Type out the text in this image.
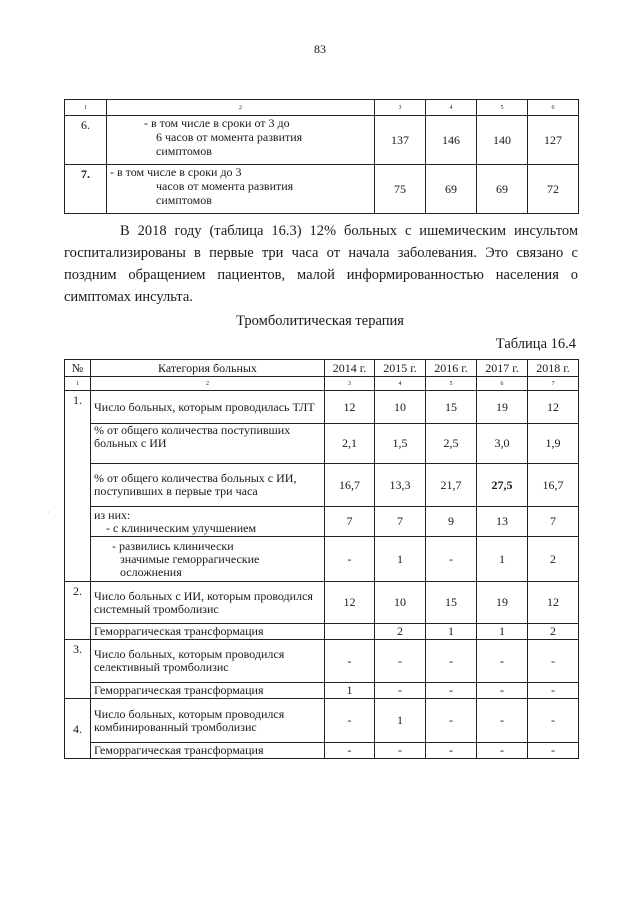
83
1	2	3	4	5	6
6.	- в том числе в сроки от 3 до
6 часов от момента развития
симптомов	137	146	140	127
7.	- в том числе в сроки до 3
часов от момента развития
симптомов	75	69	69	72
В 2018 году (таблица 16.3) 12% больных с ишемическим инсультом госпитализированы в первые три часа от начала заболевания. Это связано с поздним обращением пациентов, малой информированностью населения о симптомах инсульта.
Тромболитическая терапия
Таблица 16.4
№	Категория больных	2014 г.	2015 г.	2016 г.	2017 г.	2018 г.
1	2	3	4	5	6	7
1.	Число больных, которым проводилась ТЛТ	12	10	15	19	12
	% от общего количества поступивших больных с ИИ	2,1	1,5	2,5	3,0	1,9
	% от общего количества больных с ИИ, поступивших в первые три часа	16,7	13,3	21,7	27,5	16,7

	из них:
- с клиническим улучшением	7	7	9	13	7

	- развились клинически
значимые геморрагические
осложнения	-	1	-	1	2
2.	Число больных с ИИ, которым проводился системный тромболизис	12	10	15	19	12
	Геморрагическая трансформация		2	1	1	2
3.	Число больных, которым проводился селективный тромболизис	-	-	-	-	-
	Геморрагическая трансформация	1	-	-	-	-
4.	Число больных, которым проводился комбинированный тромболизис	-	1	-	-	-
	Геморрагическая трансформация	-	-	-	-	-
·
